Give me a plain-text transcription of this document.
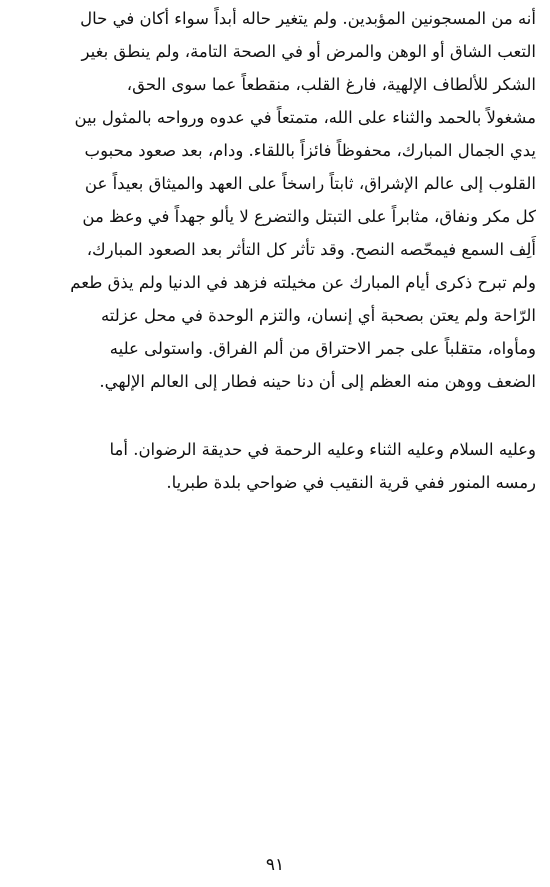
أنه من المسجونين المؤبدين. ولم يتغير حاله أبداً سواء أكان في حال
التعب الشاق أو الوهن والمرض أو في الصحة التامة، ولم ينطق بغير
الشكر للألطاف الإلهية، فارغ القلب، منقطعاً عما سوى الحق،
مشغولاً بالحمد والثناء على الله، متمتعاً في عدوه ورواحه بالمثول بين
يدي الجمال المبارك، محفوظاً فائزاً باللقاء. ودام، بعد صعود محبوب
القلوب إلى عالم الإشراق، ثابتاً راسخاً على العهد والميثاق بعيداً عن
كل مكر ونفاق، مثابراً على التبتل والتضرع لا يألو جهداً في وعظ من
أَلِف السمع فيمحّصه النصح. وقد تأثر كل التأثر بعد الصعود المبارك،
ولم تبرح ذكرى أيام المبارك عن مخيلته فزهد في الدنيا ولم يذق طعم
الرّاحة ولم يعتن بصحبة أي إنسان، والتزم الوحدة في محل عزلته
ومأواه، متقلباً على جمر الاحتراق من ألم الفراق. واستولى عليه
الضعف ووهن منه العظم إلى أن دنا حينه فطار إلى العالم الإلهي.
وعليه السلام وعليه الثناء وعليه الرحمة في حديقة الرضوان. أما
رمسه المنور ففي قرية النقيب في ضواحي بلدة طبريا.
٩١
